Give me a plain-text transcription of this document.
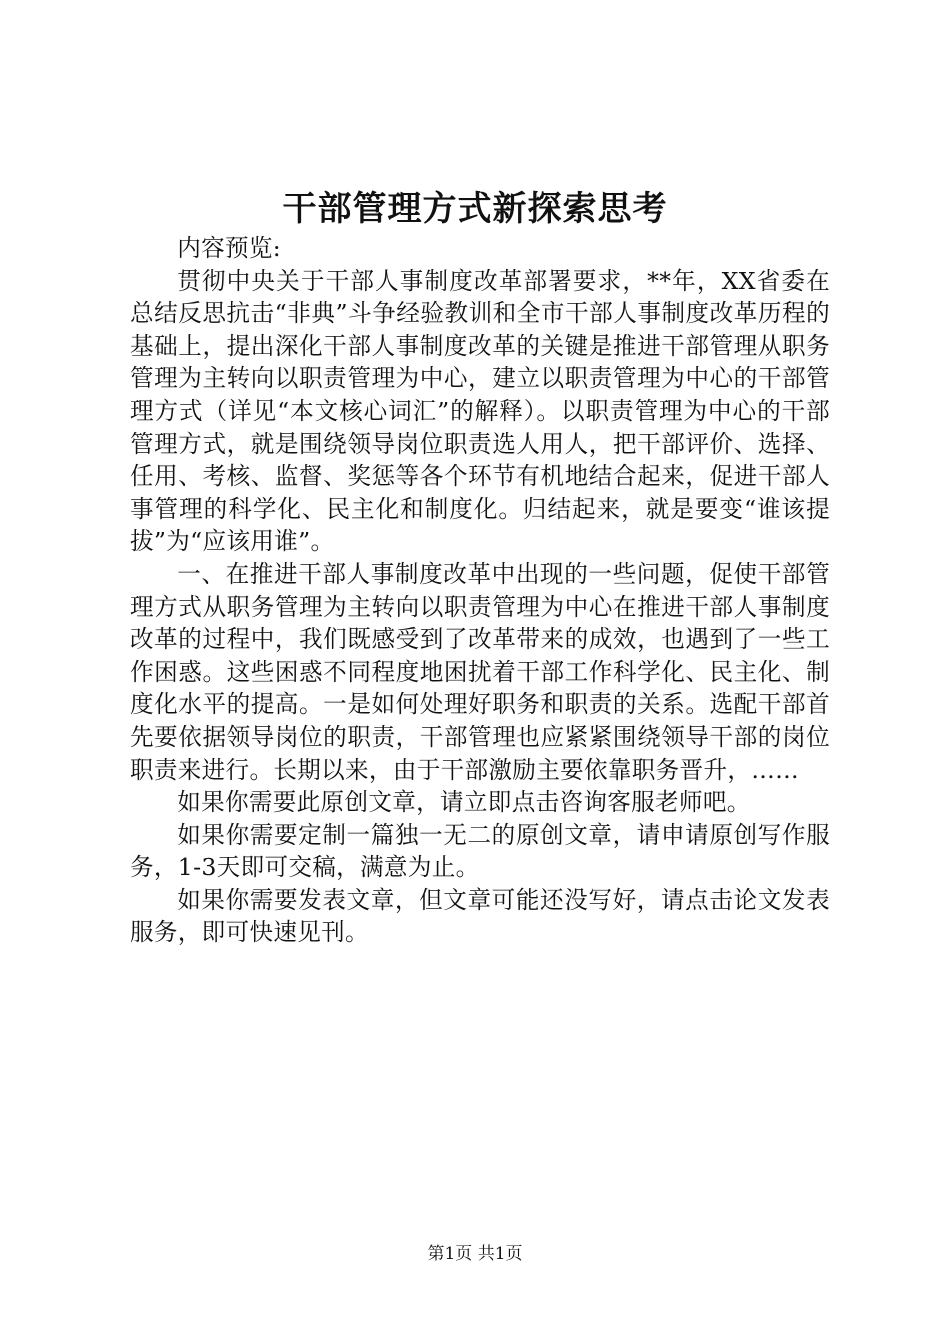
干部管理方式新探索思考

内容预览:

贯彻中央关于干部人事制度改革部署要求，**年，XX省委在总结反思抗击“非典”斗争经验教训和全市干部人事制度改革历程的基础上，提出深化干部人事制度改革的关键是推进干部管理从职务管理为主转向以职责管理为中心，建立以职责管理为中心的干部管理方式（详见“本文核心词汇”的解释）。以职责管理为中心的干部管理方式，就是围绕领导岗位职责选人用人，把干部评价、选择、任用、考核、监督、奖惩等各个环节有机地结合起来，促进干部人事管理的科学化、民主化和制度化。归结起来，就是要变“谁该提拔”为“应该用谁”。

一、在推进干部人事制度改革中出现的一些问题，促使干部管理方式从职务管理为主转向以职责管理为中心在推进干部人事制度改革的过程中，我们既感受到了改革带来的成效，也遇到了一些工作困惑。这些困惑不同程度地困扰着干部工作科学化、民主化、制度化水平的提高。一是如何处理好职务和职责的关系。选配干部首先要依据领导岗位的职责，干部管理也应紧紧围绕领导干部的岗位职责来进行。长期以来，由于干部激励主要依靠职务晋升，……

如果你需要此原创文章，请立即点击咨询客服老师吧。

如果你需要定制一篇独一无二的原创文章，请申请原创写作服务，1-3天即可交稿，满意为止。

如果你需要发表文章，但文章可能还没写好，请点击论文发表服务，即可快速见刊。

第1页 共1页
